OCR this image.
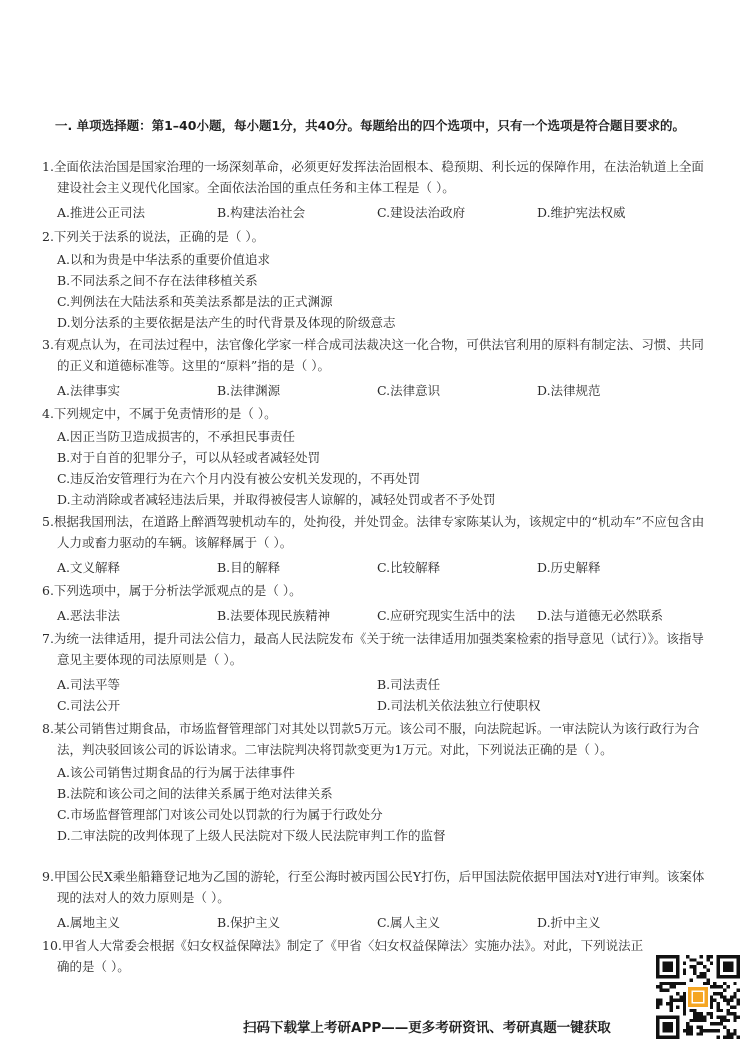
一. 单项选择题：第1–40小题，每小题1分，共40分。每题给出的四个选项中，只有一个选项是符合题目要求的。
1.全面依法治国是国家治理的一场深刻革命，必须更好发挥法治固根本、稳预期、利长远的保障作用，在法治轨道上全面建设社会主义现代化国家。全面依法治国的重点任务和主体工程是（ ）。
A.推进公正司法	B.构建法治社会	C.建设法治政府	D.维护宪法权威
2.下列关于法系的说法，正确的是（ ）。
A.以和为贵是中华法系的重要价值追求
B.不同法系之间不存在法律移植关系
C.判例法在大陆法系和英美法系都是法的正式渊源
D.划分法系的主要依据是法产生的时代背景及体现的阶级意志
3.有观点认为，在司法过程中，法官像化学家一样合成司法裁决这一化合物，可供法官利用的原料有制定法、习惯、共同的正义和道德标准等。这里的“原料”指的是（ ）。
A.法律事实	B.法律渊源	C.法律意识	D.法律规范
4.下列规定中，不属于免责情形的是（ ）。
A.因正当防卫造成损害的，不承担民事责任
B.对于自首的犯罪分子，可以从轻或者减轻处罚
C.违反治安管理行为在六个月内没有被公安机关发现的，不再处罚
D.主动消除或者减轻违法后果，并取得被侵害人谅解的，减轻处罚或者不予处罚
5.根据我国刑法，在道路上醉酒驾驶机动车的，处拘役，并处罚金。法律专家陈某认为，该规定中的“机动车”不应包含由人力或畜力驱动的车辆。该解释属于（ ）。
A.文义解释	B.目的解释	C.比较解释	D.历史解释
6.下列选项中，属于分析法学派观点的是（ ）。
A.恶法非法	B.法要体现民族精神	C.应研究现实生活中的法	D.法与道德无必然联系
7.为统一法律适用，提升司法公信力，最高人民法院发布《关于统一法律适用加强类案检索的指导意见（试行）》。该指导意见主要体现的司法原则是（ ）。
A.司法平等	B.司法责任
C.司法公开	D.司法机关依法独立行使职权
8.某公司销售过期食品，市场监督管理部门对其处以罚款5万元。该公司不服，向法院起诉。一审法院认为该行政行为合法，判决驳回该公司的诉讼请求。二审法院判决将罚款变更为1万元。对此，下列说法正确的是（ ）。
A.该公司销售过期食品的行为属于法律事件
B.法院和该公司之间的法律关系属于绝对法律关系
C.市场监督管理部门对该公司处以罚款的行为属于行政处分
D.二审法院的改判体现了上级人民法院对下级人民法院审判工作的监督
9.甲国公民X乘坐船籍登记地为乙国的游轮，行至公海时被丙国公民Y打伤，后甲国法院依据甲国法对Y进行审判。该案体现的法对人的效力原则是（ ）。
A.属地主义	B.保护主义	C.属人主义	D.折中主义
10.甲省人大常委会根据《妇女权益保障法》制定了《甲省〈妇女权益保障法〉实施办法》。对此，下列说法正确的是（ ）。
扫码下载掌上考研APP——更多考研资讯、考研真题一键获取
